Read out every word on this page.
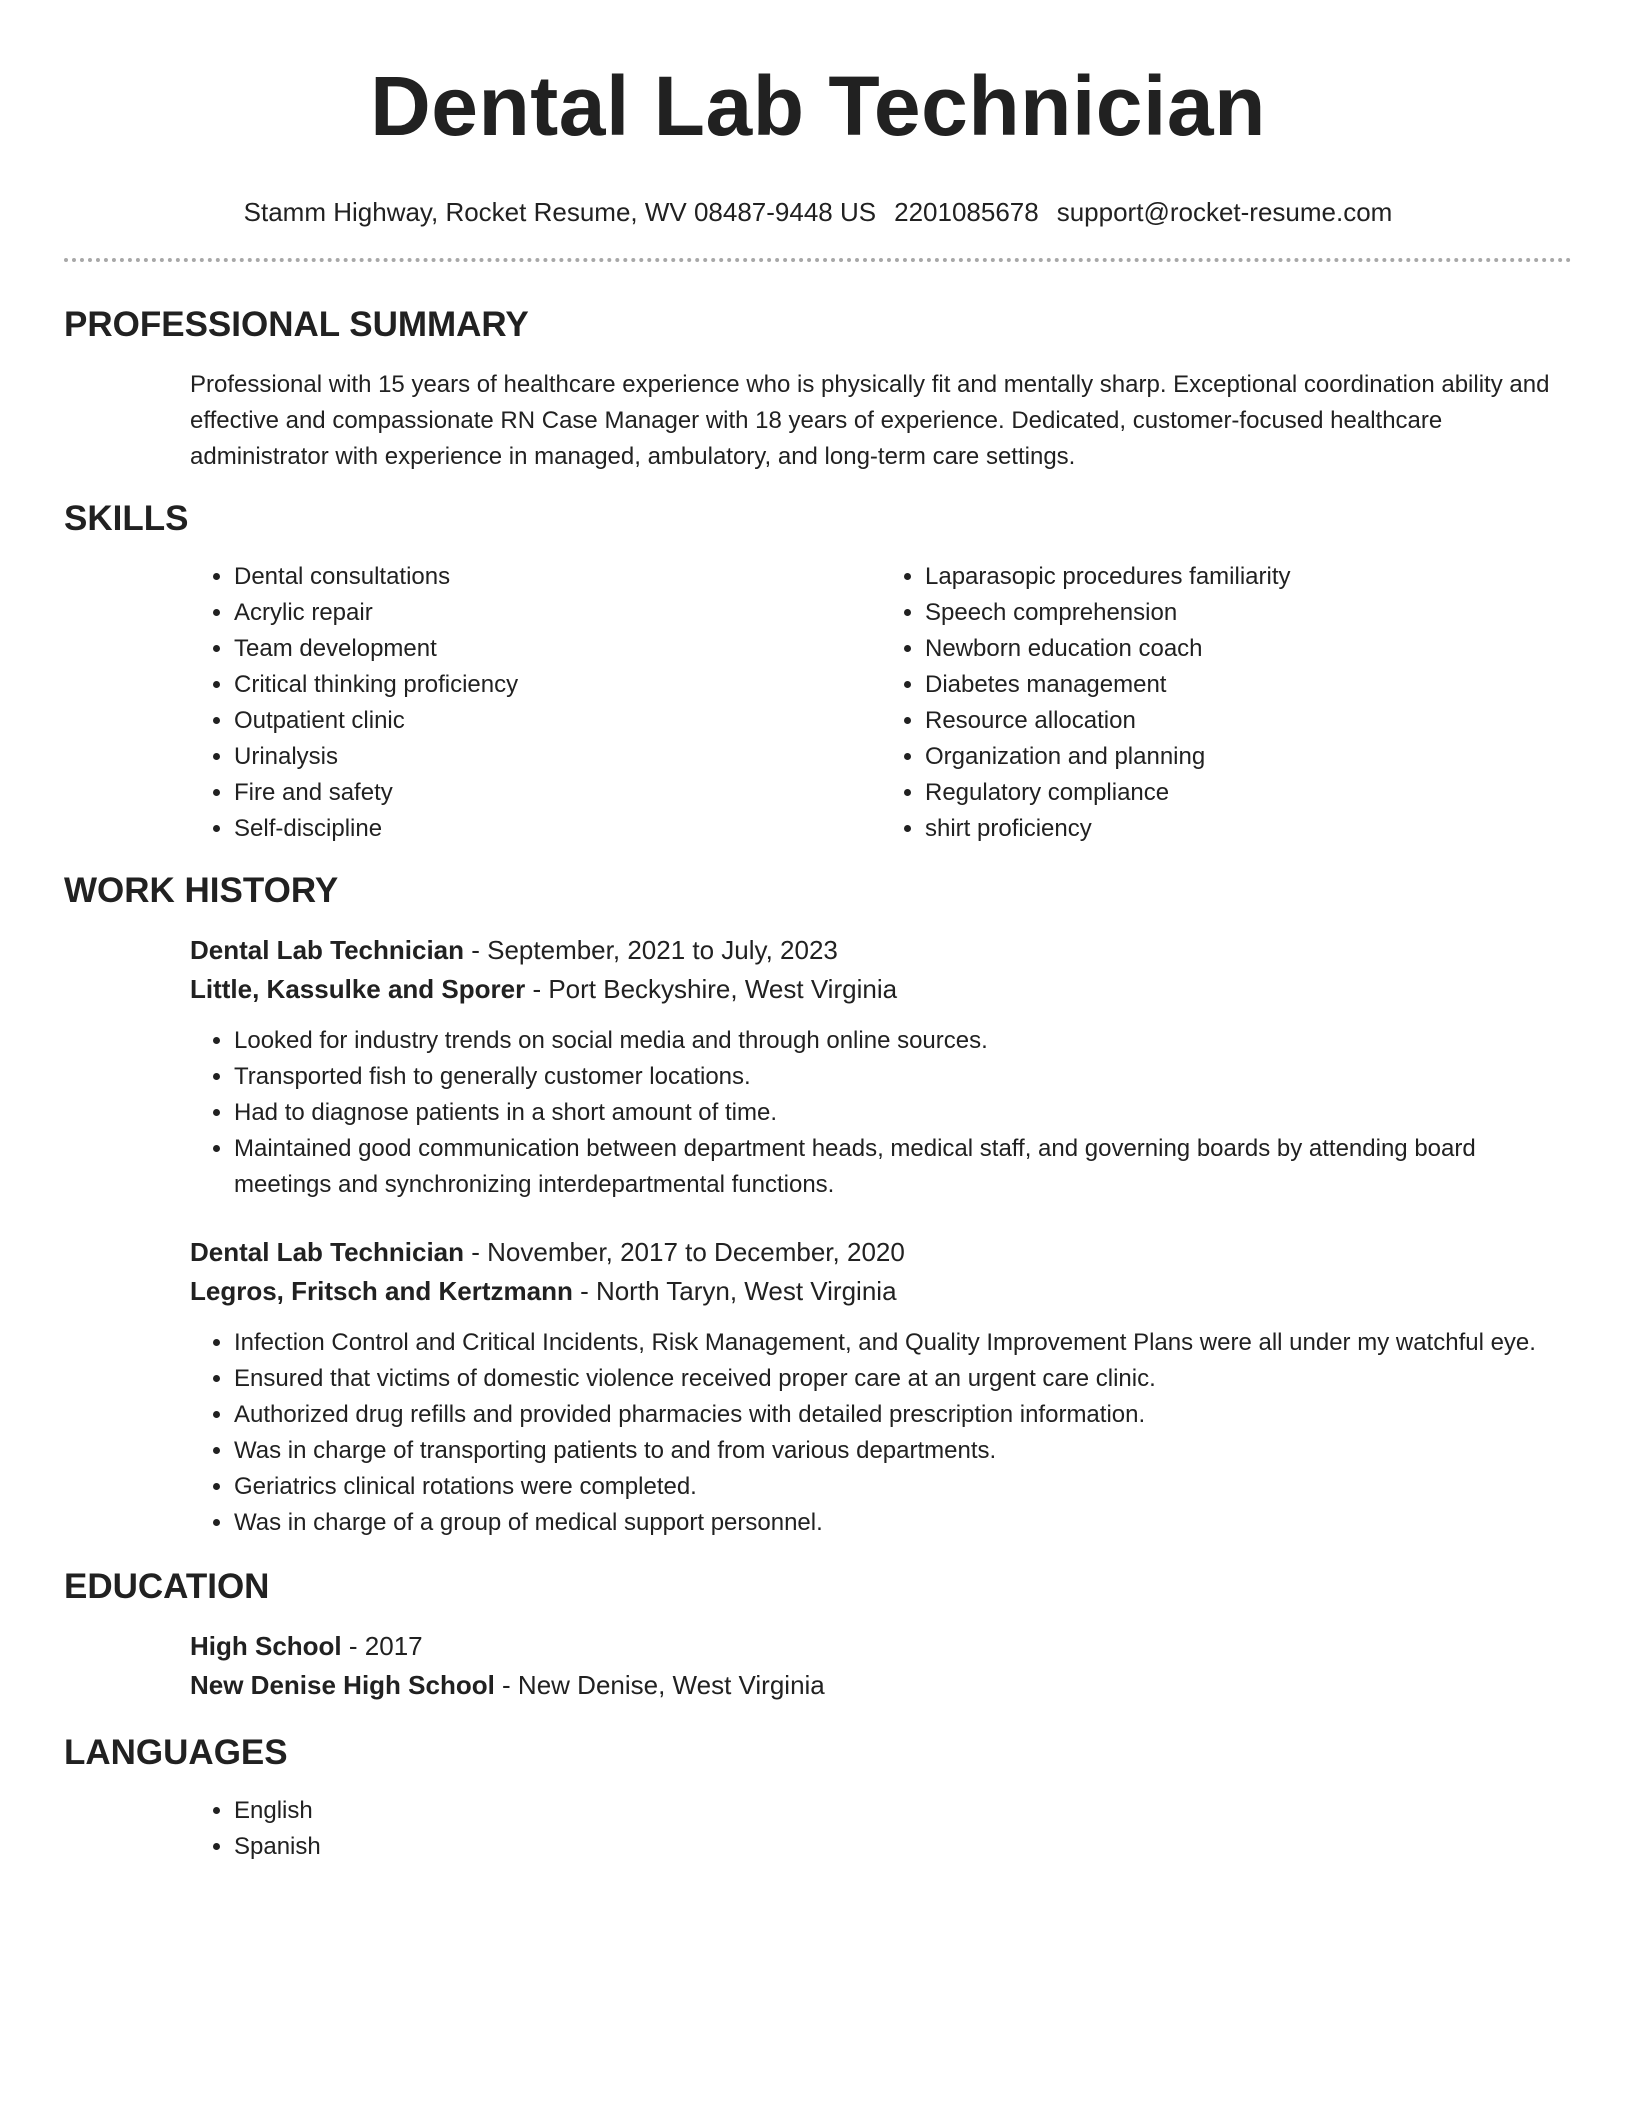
Dental Lab Technician
Stamm Highway, Rocket Resume, WV 08487-9448 US 2201085678 support@rocket-resume.com
PROFESSIONAL SUMMARY
Professional with 15 years of healthcare experience who is physically fit and mentally sharp. Exceptional coordination ability and effective and compassionate RN Case Manager with 18 years of experience. Dedicated, customer-focused healthcare administrator with experience in managed, ambulatory, and long-term care settings.
SKILLS
• Dental consultations
• Acrylic repair
• Team development
• Critical thinking proficiency
• Outpatient clinic
• Urinalysis
• Fire and safety
• Self-discipline
• Laparasopic procedures familiarity
• Speech comprehension
• Newborn education coach
• Diabetes management
• Resource allocation
• Organization and planning
• Regulatory compliance
• shirt proficiency
WORK HISTORY
Dental Lab Technician - September, 2021 to July, 2023
Little, Kassulke and Sporer - Port Beckyshire, West Virginia
• Looked for industry trends on social media and through online sources.
• Transported fish to generally customer locations.
• Had to diagnose patients in a short amount of time.
• Maintained good communication between department heads, medical staff, and governing boards by attending board meetings and synchronizing interdepartmental functions.
Dental Lab Technician - November, 2017 to December, 2020
Legros, Fritsch and Kertzmann - North Taryn, West Virginia
• Infection Control and Critical Incidents, Risk Management, and Quality Improvement Plans were all under my watchful eye.
• Ensured that victims of domestic violence received proper care at an urgent care clinic.
• Authorized drug refills and provided pharmacies with detailed prescription information.
• Was in charge of transporting patients to and from various departments.
• Geriatrics clinical rotations were completed.
• Was in charge of a group of medical support personnel.
EDUCATION
High School - 2017
New Denise High School - New Denise, West Virginia
LANGUAGES
• English
• Spanish
